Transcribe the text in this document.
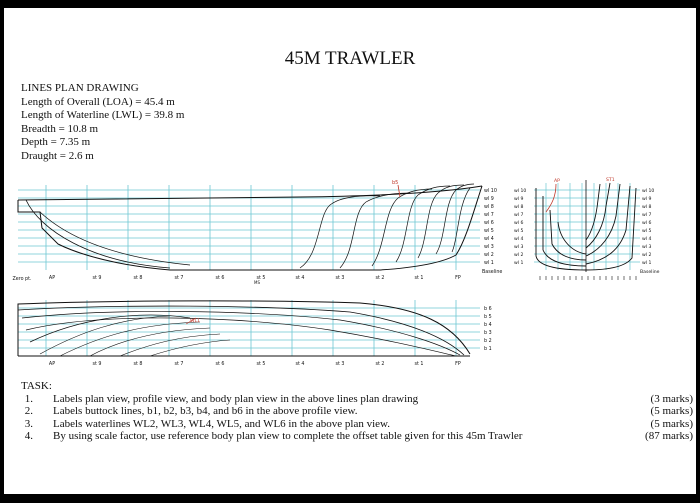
45M TRAWLER
LINES PLAN DRAWING
Length of Overall (LOA) = 45.4 m
Length of Waterline (LWL) = 39.8 m
Breadth = 10.8 m
Depth = 7.35 m
Draught = 2.6 m
b5
wl 10
wl 9
wl 8
wl 7
wl 6
wl 5
wl 4
wl 3
wl 2
wl 1
Baseline
Zero pt.	AP	st 9	st 8	st 7	st 6	st 5
MS
st 4	st 3	st 2	st 1	FP
AP	ST1
wl 10
wl 9
wl 8
wl 7
wl 6
wl 5
wl 4
wl 3
wl 2
wl 1
wl 10
wl 9
wl 8
wl 7
wl 6
wl 5
wl 4
wl 3
wl 2
wl 1
Baseline
WL1
b 6
b 5
b 4
b 3
b 2
b 1
AP	st 9	st 8	st 7	st 6	st 5	st 4	st 3	st 2	st 1	FP

TASK:

1.	Labels plan view, profile view, and body plan view in the above lines plan drawing	(3 marks)
2.	Labels buttock lines, b1, b2, b3, b4, and b6 in the above profile view.	(5 marks)
3.	Labels waterlines WL2, WL3, WL4, WL5, and WL6 in the above plan view.	(5 marks)
4.	By using scale factor, use reference body plan view to complete the offset table given for this 45m Trawler	(87 marks)
